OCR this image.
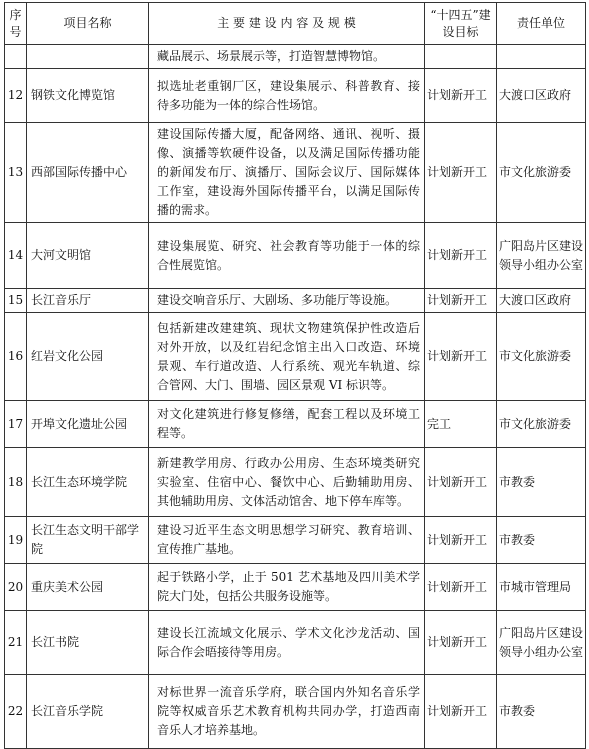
序号	项目名称	主 要 建 设 内 容 及 规 模	“十四五”建设目标	责任单位
		藏品展示、场景展示等，打造智慧博物馆。		
12	钢铁文化博览馆	拟选址老重钢厂区，建设集展示、科普教育、接待多功能为一体的综合性场馆。	计划新开工	大渡口区政府
13	西部国际传播中心	建设国际传播大厦，配备网络、通讯、视听、摄像、演播等软硬件设备，以及满足国际传播功能的新闻发布厅、演播厅、国际会议厅、国际媒体工作室，建设海外国际传播平台，以满足国际传播的需求。	计划新开工	市文化旅游委
14	大河文明馆	建设集展览、研究、社会教育等功能于一体的综合性展览馆。	计划新开工	广阳岛片区建设领导小组办公室
15	长江音乐厅	建设交响音乐厅、大剧场、多功能厅等设施。	计划新开工	大渡口区政府
16	红岩文化公园	包括新建改建建筑、现状文物建筑保护性改造后对外开放，以及红岩纪念馆主出入口改造、环境景观、车行道改造、人行系统、观光车轨道、综合管网、大门、围墙、园区景观 VI 标识等。	计划新开工	市文化旅游委
17	开埠文化遗址公园	对文化建筑进行修复修缮，配套工程以及环境工程等。	完工	市文化旅游委
18	长江生态环境学院	新建教学用房、行政办公用房、生态环境类研究实验室、住宿中心、餐饮中心、后勤辅助用房、其他辅助用房、文体活动馆舍、地下停车库等。	计划新开工	市教委
19	长江生态文明干部学院	建设习近平生态文明思想学习研究、教育培训、宣传推广基地。	计划新开工	市教委
20	重庆美术公园	起于铁路小学，止于 501 艺术基地及四川美术学院大门处，包括公共服务设施等。	计划新开工	市城市管理局
21	长江书院	建设长江流域文化展示、学术文化沙龙活动、国际合作会晤接待等用房。	计划新开工	广阳岛片区建设领导小组办公室
22	长江音乐学院	对标世界一流音乐学府，联合国内外知名音乐学院等权威音乐艺术教育机构共同办学，打造西南音乐人才培养基地。	计划新开工	市教委
